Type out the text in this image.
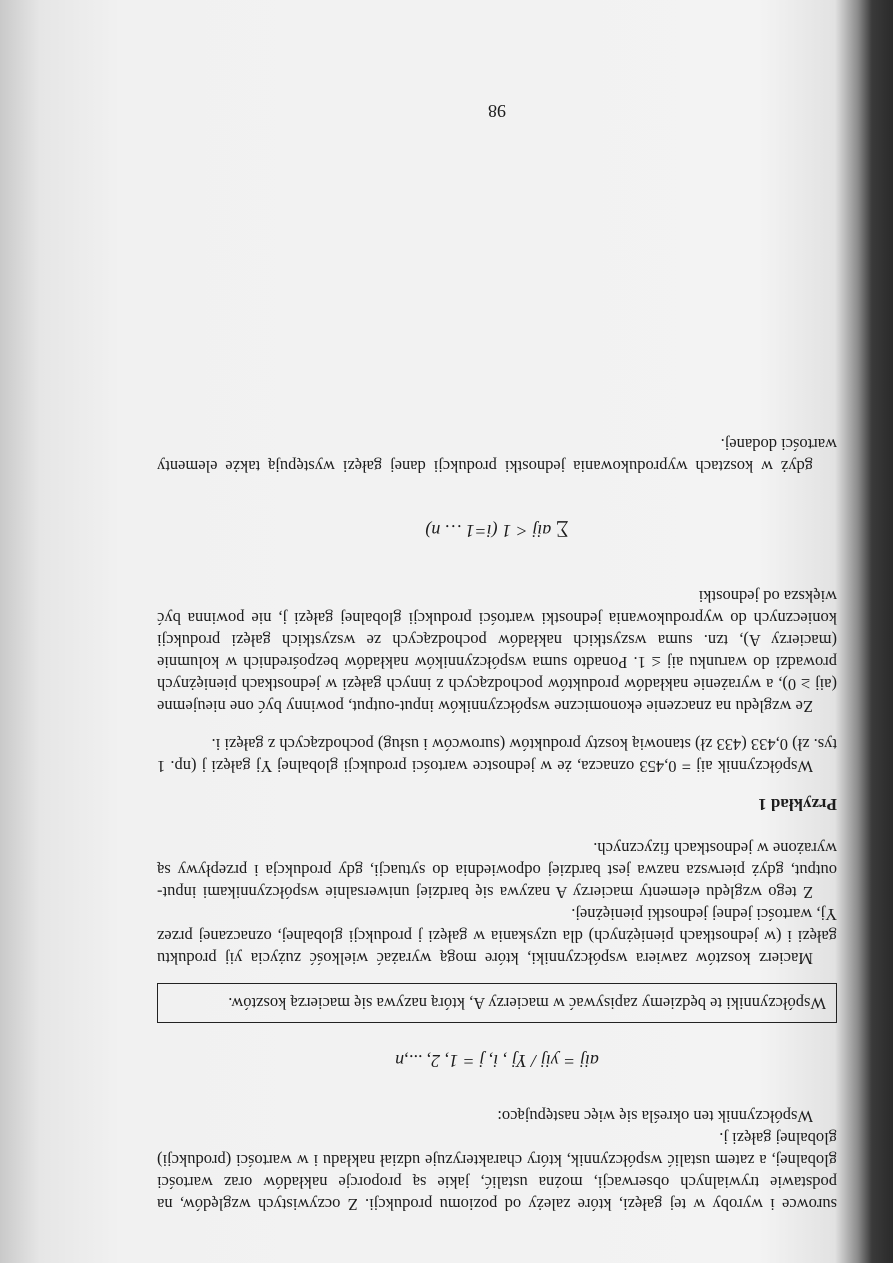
surowce i wyroby w tej gałęzi, które zależy od poziomu produkcji. Z oczywistych względów, na podstawie trywialnych obserwacji, można ustalić, jakie są proporcje nakładów oraz wartości globalnej, a zatem ustalić współczynnik, który charakteryzuje udział nakładu i w wartości (produkcji) globalnej gałęzi j.

Współczynnik ten określa się więc następująco:

aij = yij / Yj , i, j = 1, 2, ...,n
Współczynniki te będziemy zapisywać w macierzy A, którą nazywa się macierzą kosztów.

Macierz kosztów zawiera współczynniki, które mogą wyrażać wielkość zużycia yij produktu gałęzi i (w jednostkach pieniężnych) dla uzyskania w gałęzi j produkcji globalnej, oznaczanej przez Yj, wartości jednej jednostki pieniężnej.

Z tego względu elementy macierzy A nazywa się bardziej uniwersalnie współczynnikami input-output, gdyż pierwsza nazwa jest bardziej odpowiednia do sytuacji, gdy produkcja i przepływy są wyrażone w jednostkach fizycznych.

Przykład 1

Współczynnik aij = 0,453 oznacza, że w jednostce wartości produkcji globalnej Yj gałęzi j (np. 1 tys. zł) 0,433 (433 zł) stanowią koszty produktów (surowców i usług) pochodzących z gałęzi i.

Ze względu na znaczenie ekonomiczne współczynników input-output, powinny być one nieujemne (aij ≥ 0), a wyrażenie nakładów produktów pochodzących z innych gałęzi w jednostkach pieniężnych prowadzi do warunku aij ≤ 1. Ponadto suma współczynników nakładów bezpośrednich w kolumnie (macierzy A), tzn. suma wszystkich nakładów pochodzących ze wszystkich gałęzi produkcji koniecznych do wyprodukowania jednostki wartości produkcji globalnej gałęzi j, nie powinna być większa od jednostki

∑ aij < 1 (i=1 … n)

gdyż w kosztach wyprodukowania jednostki produkcji danej gałęzi występują także elementy wartości dodanej.

98
